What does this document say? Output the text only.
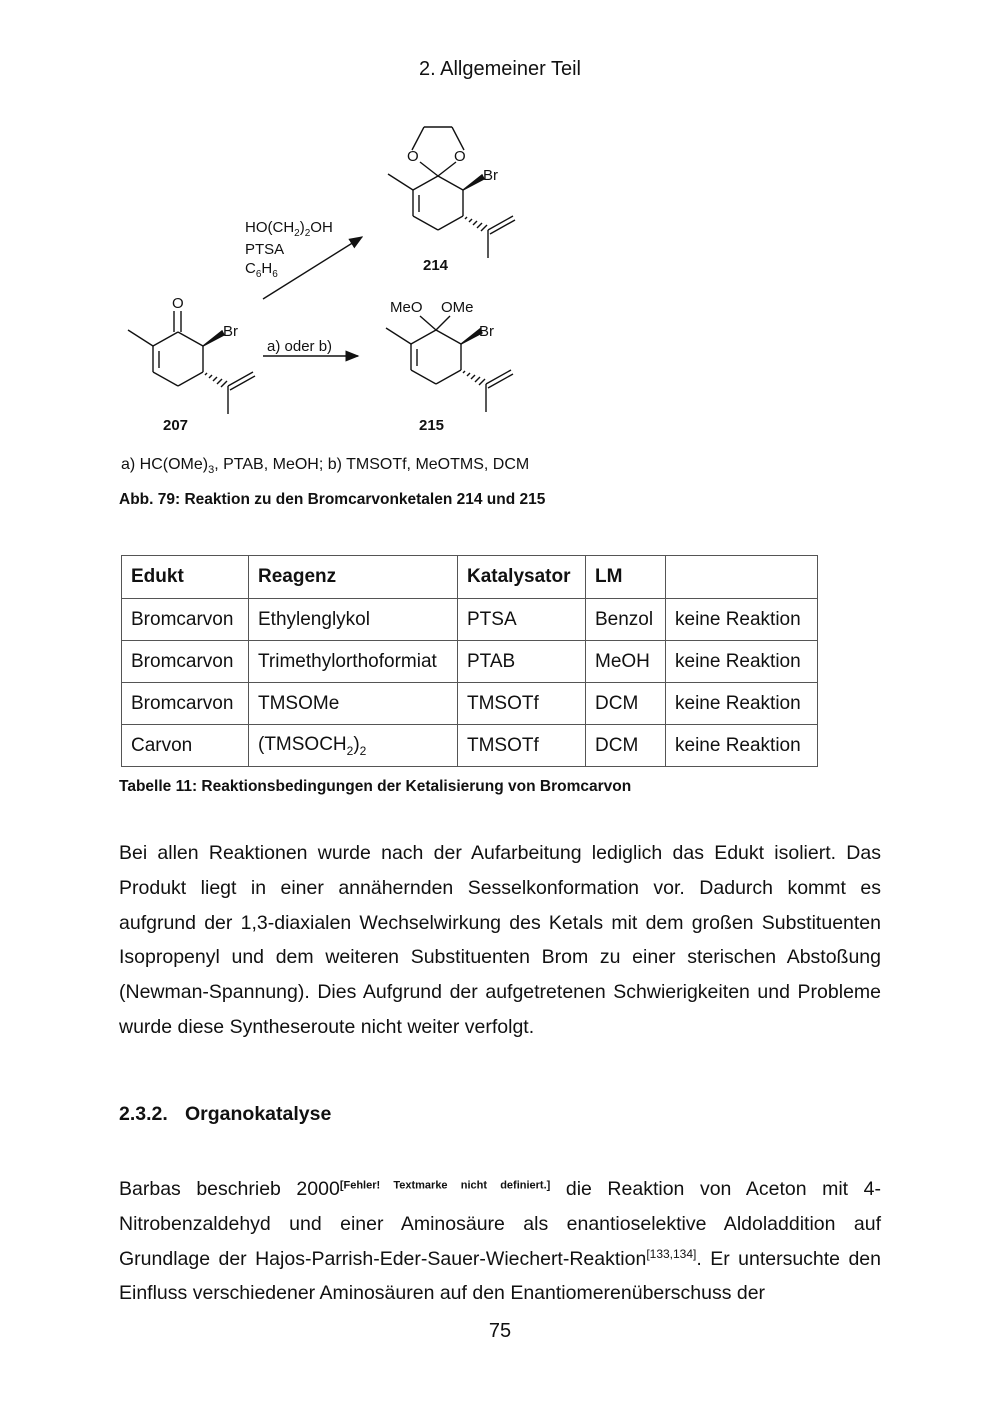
2. Allgemeiner Teil
O
Br
O O
Br
MeO OMe
Br
207
214
215
$HO(CH_2)_2OH$
PTSA
$C_6H_6$
a) oder b)
a) $HC(OMe)_3$, PTAB, MeOH; b) TMSOTf, MeOTMS, DCM
Abb. 79: Reaktion zu den Bromcarvonketalen 214 und 215
Edukt	Reagenz	Katalysator	LM	
Bromcarvon	Ethylenglykol	PTSA	Benzol	keine Reaktion
Bromcarvon	Trimethylorthoformiat	PTAB	MeOH	keine Reaktion
Bromcarvon	TMSOMe	TMSOTf	DCM	keine Reaktion
Carvon	$(TMSOCH_2)_2$	TMSOTf	DCM	keine Reaktion
Tabelle 11: Reaktionsbedingungen der Ketalisierung von Bromcarvon
Bei allen Reaktionen wurde nach der Aufarbeitung lediglich das Edukt isoliert. Das Produkt liegt in einer annähernden Sesselkonformation vor. Dadurch kommt es aufgrund der 1,3-diaxialen Wechselwirkung des Ketals mit dem großen Substituenten Isopropenyl und dem weiteren Substituenten Brom zu einer sterischen Abstoßung (Newman-Spannung). Dies Aufgrund der aufgetretenen Schwierigkeiten und Probleme wurde diese Syntheseroute nicht weiter verfolgt.
2.3.2. Organokatalyse
Barbas beschrieb 2000[Fehler! Textmarke nicht definiert.] die Reaktion von Aceton mit 4-Nitrobenzaldehyd und einer Aminosäure als enantioselektive Aldoladdition auf Grundlage der Hajos-Parrish-Eder-Sauer-Wiechert-Reaktion[133,134]. Er untersuchte den Einfluss verschiedener Aminosäuren auf den Enantiomerenüberschuss der
75
